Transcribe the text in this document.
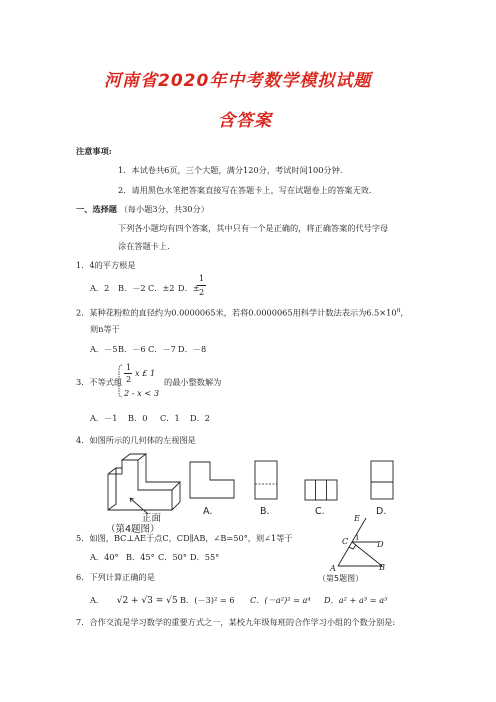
河南省2020年中考数学模拟试题
含答案
注意事项:
1．本试卷共6页，三个大题，满分120分，考试时间100分钟.
2．请用黑色水笔把答案直接写在答题卡上，写在试题卷上的答案无效.
一、选择题 （每小题3分，共30分）
下列各小题均有四个答案，其中只有一个是正确的，将正确答案的代号字母
涂在答题卡上.
1．4的平方根是
A．2 B．－2 C．±2 D．±
1
2
2．某种花粉粒的直径约为0.0000065米，若将0.0000065用科学计数法表示为$6.5\times 10^n$,
则n等于
A．－5 B．－6 C．－7 D．－8
3．不等式组
1
2
x £ 1
2 - x < 3
的最小整数解为
A．－1 B．0 C．1 D．2
4．如图所示的几何体的左视图是
正面
（第4题图）
A.	B.	C.	D.
5．如图，BC⊥AE于点C，CD∥AB，∠B=50°，则∠1等于
A．40° B．45° C．50° D．55°
E
C 1
D
A	B
（第5题图）
6．下列计算正确的是
A． √2 + √3 = √5 B．(－3)² = 6 C．(－a²)² = a⁴ D．a² + a³ = a⁵
7．合作交流是学习数学的重要方式之一，某校九年级每班的合作学习小组的个数分别是:
